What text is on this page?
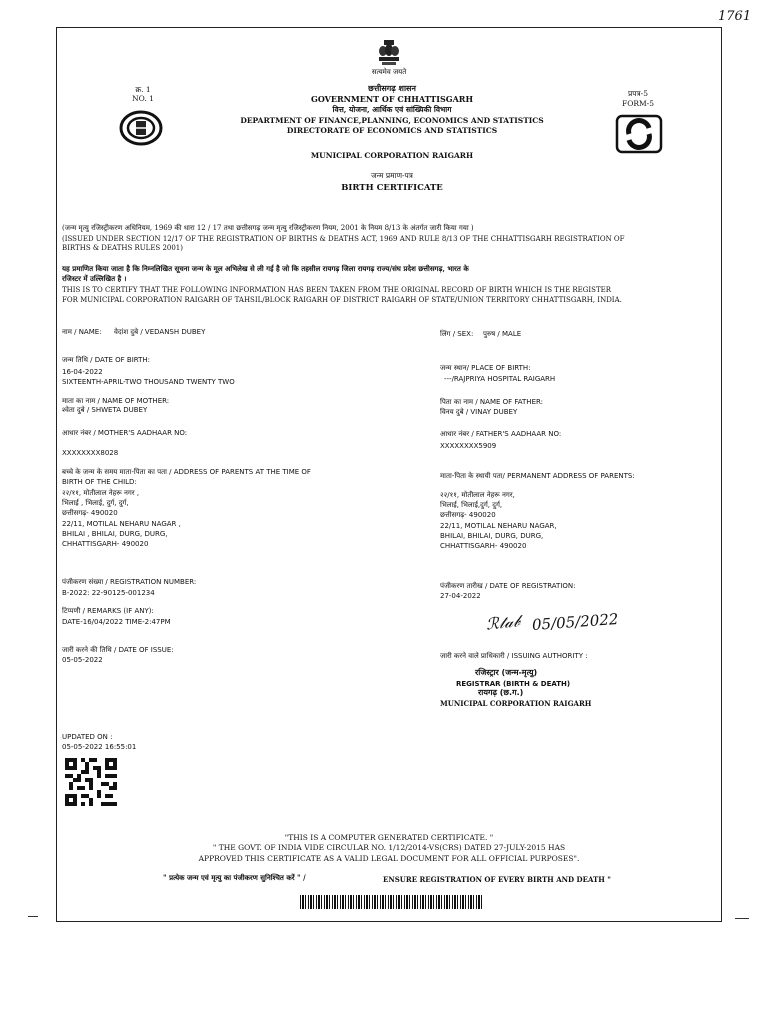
1761
सत्यमेव जयते
क्र. 1
NO. 1
प्रपत्र-5
FORM-5
छत्तीसगढ़ शासन
GOVERNMENT OF CHHATTISGARH
वित्त, योजना, आर्थिक एवं सांख्यिकी विभाग
DEPARTMENT OF FINANCE,PLANNING, ECONOMICS AND STATISTICS
DIRECTORATE OF ECONOMICS AND STATISTICS
MUNICIPAL CORPORATION RAIGARH
जन्म प्रमाण-पत्र
BIRTH CERTIFICATE
(जन्म मृत्यु रजिस्ट्रीकरण अधिनियम, 1969 की धारा 12 / 17 तथा छत्तीसगढ़ जन्म मृत्यु रजिस्ट्रीकरण नियम, 2001 के नियम 8/13 के अंतर्गत जारी किया गया )
(ISSUED UNDER SECTION 12/17 OF THE REGISTRATION OF BIRTHS & DEATHS ACT, 1969 AND RULE 8/13 OF THE CHHATTISGARH REGISTRATION OF
BIRTHS & DEATHS RULES 2001)
यह प्रमाणित किया जाता है कि निम्नलिखित सूचना जन्म के मूल अभिलेख से ली गई है जो कि तहसील रायगढ़ जिला रायगढ़ राज्य/संघ प्रदेश छत्तीसगढ़, भारत के
रजिस्टर में उल्लिखित है ।
THIS IS TO CERTIFY THAT THE FOLLOWING INFORMATION HAS BEEN TAKEN FROM THE ORIGINAL RECORD OF BIRTH WHICH IS THE REGISTER
FOR MUNICIPAL CORPORATION RAIGARH OF TAHSIL/BLOCK RAIGARH OF DISTRICT RAIGARH OF STATE/UNION TERRITORY CHHATTISGARH, INDIA.
नाम / NAME: वेदांश दुबे / VEDANSH DUBEY	लिंग / SEX: पुरुष / MALE
जन्म तिथि / DATE OF BIRTH:
16-04-2022
SIXTEENTH-APRIL-TWO THOUSAND TWENTY TWO
जन्म स्थान/ PLACE OF BIRTH:
---/RAJPRIYA HOSPITAL RAIGARH
माता का नाम / NAME OF MOTHER:
श्वेता दुबे / SHWETA DUBEY
पिता का नाम / NAME OF FATHER:
विनय दुबे / VINAY DUBEY
आधार नंबर / MOTHER'S AADHAAR NO:
XXXXXXXX8028
आधार नंबर / FATHER'S AADHAAR NO:
XXXXXXXX5909
बच्चे के जन्म के समय माता-पिता का पता / ADDRESS OF PARENTS AT THE TIME OF
BIRTH OF THE CHILD:
२२/११, मोतीलाल नेहरू नगर ,
भिलाई , भिलाई, दुर्ग, दुर्ग,
छत्तीसगढ़- 490020
22/11, MOTILAL NEHARU NAGAR ,
BHILAI , BHILAI, DURG, DURG,
CHHATTISGARH- 490020
माता-पिता के स्थायी पता/ PERMANENT ADDRESS OF PARENTS:
२२/११, मोतीलाल नेहरू नगर,
भिलाई, भिलाई,दुर्ग, दुर्ग,
छत्तीसगढ़- 490020
22/11, MOTILAL NEHARU NAGAR,
BHILAI, BHILAI, DURG, DURG,
CHHATTISGARH- 490020
पंजीकरण संख्या / REGISTRATION NUMBER:
B-2022: 22-90125-001234
पंजीकरण तारीख / DATE OF REGISTRATION:
27-04-2022
टिप्पणी / REMARKS (IF ANY):
DATE-16/04/2022 TIME-2:47PM
जारी करने की तिथि / DATE OF ISSUE:
05-05-2022
ℛ𝓉𝒶𝒷 05/05/2022
जारी करने वाले प्राधिकारी / ISSUING AUTHORITY :
रजिस्ट्रार (जन्म-मृत्यु)
REGISTRAR (BIRTH & DEATH)
रायगढ़ (छ.ग.)
MUNICIPAL CORPORATION RAIGARH
UPDATED ON :
05-05-2022 16:55:01
"THIS IS A COMPUTER GENERATED CERTIFICATE. "
" THE GOVT. OF INDIA VIDE CIRCULAR NO. 1/12/2014-VS(CRS) DATED 27-JULY-2015 HAS
APPROVED THIS CERTIFICATE AS A VALID LEGAL DOCUMENT FOR ALL OFFICIAL PURPOSES".
" प्रत्येक जन्म एवं मृत्यु का पंजीकरण सुनिश्चित करें " /	ENSURE REGISTRATION OF EVERY BIRTH AND DEATH "
